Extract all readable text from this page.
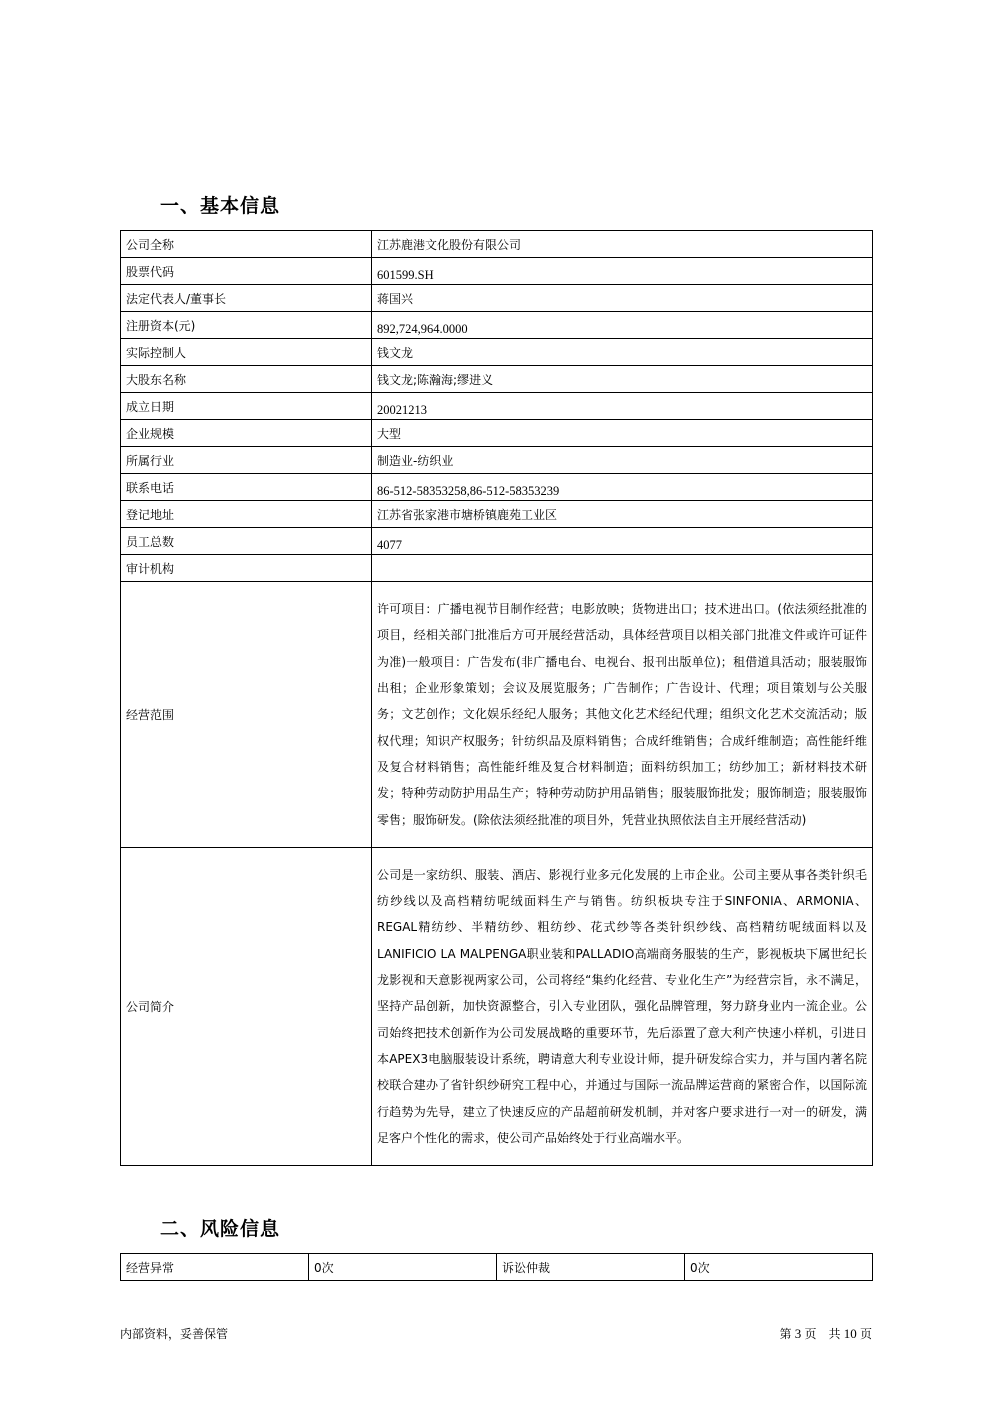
一、基本信息
公司全称	江苏鹿港文化股份有限公司
股票代码	601599.SH
法定代表人/董事长	蒋国兴
注册资本(元)	892,724,964.0000
实际控制人	钱文龙
大股东名称	钱文龙;陈瀚海;缪进义
成立日期	20021213
企业规模	大型
所属行业	制造业-纺织业
联系电话	86-512-58353258,86-512-58353239
登记地址	江苏省张家港市塘桥镇鹿苑工业区
员工总数	4077
审计机构	
经营范围	许可项目：广播电视节目制作经营；电影放映；货物进出口；技术进出口。(依法须经批准的项目，经相关部门批准后方可开展经营活动，具体经营项目以相关部门批准文件或许可证件为准)一般项目：广告发布(非广播电台、电视台、报刊出版单位)；租借道具活动；服装服饰出租；企业形象策划；会议及展览服务；广告制作；广告设计、代理；项目策划与公关服务；文艺创作；文化娱乐经纪人服务；其他文化艺术经纪代理；组织文化艺术交流活动；版权代理；知识产权服务；针纺织品及原料销售；合成纤维销售；合成纤维制造；高性能纤维及复合材料销售；高性能纤维及复合材料制造；面料纺织加工；纺纱加工；新材料技术研发；特种劳动防护用品生产；特种劳动防护用品销售；服装服饰批发；服饰制造；服装服饰零售；服饰研发。(除依法须经批准的项目外，凭营业执照依法自主开展经营活动)
公司简介	公司是一家纺织、服装、酒店、影视行业多元化发展的上市企业。公司主要从事各类针织毛纺纱线以及高档精纺呢绒面料生产与销售。纺织板块专注于SINFONIA、ARMONIA、REGAL精纺纱、半精纺纱、粗纺纱、花式纱等各类针织纱线、高档精纺呢绒面料以及LANIFICIO LA MALPENGA职业装和PALLADIO高端商务服装的生产，影视板块下属世纪长龙影视和天意影视两家公司，公司将经“集约化经营、专业化生产”为经营宗旨，永不满足，坚持产品创新，加快资源整合，引入专业团队，强化品牌管理，努力跻身业内一流企业。公司始终把技术创新作为公司发展战略的重要环节，先后添置了意大利产快速小样机，引进日本APEX3电脑服装设计系统，聘请意大利专业设计师，提升研发综合实力，并与国内著名院校联合建办了省针织纱研究工程中心，并通过与国际一流品牌运营商的紧密合作，以国际流行趋势为先导，建立了快速反应的产品超前研发机制，并对客户要求进行一对一的研发，满足客户个性化的需求，使公司产品始终处于行业高端水平。
二、风险信息
经营异常	0次	诉讼仲裁	0次
内部资料，妥善保管	第 3 页　共 10 页
